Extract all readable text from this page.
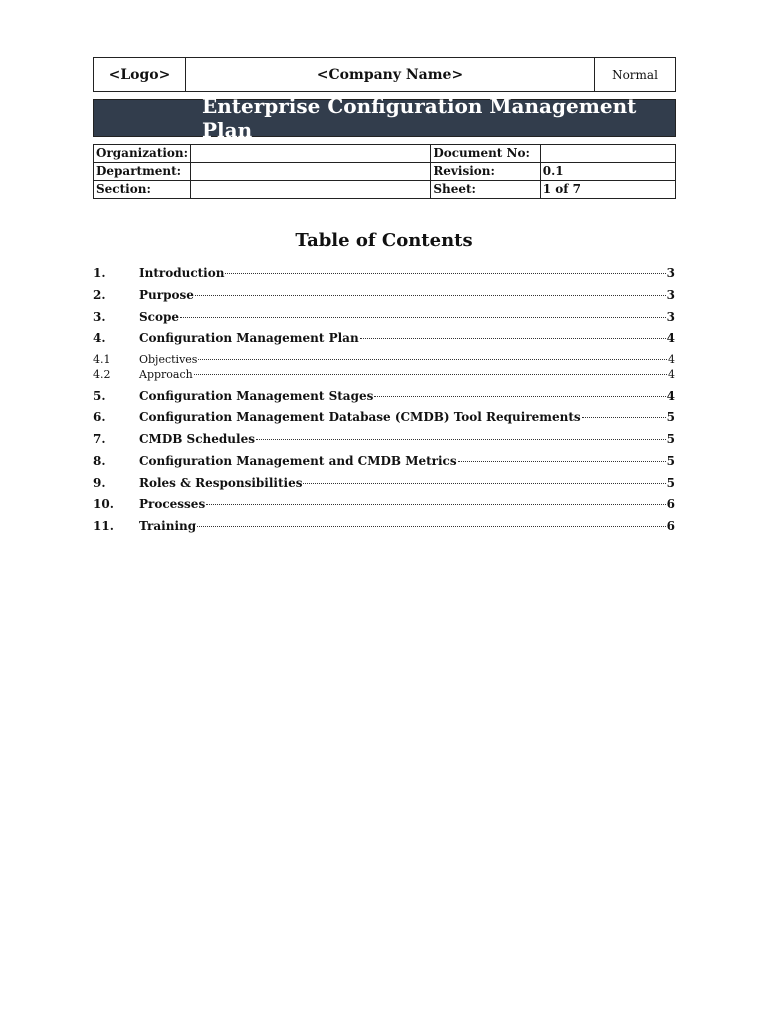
<Logo>	<Company Name>	Normal
Enterprise Configuration Management Plan
Organization:		Document No:	
Department:		Revision:	0.1
Section:		Sheet:	1 of 7
Table of Contents
1.	Introduction	3
2.	Purpose	3
3.	Scope	3
4.	Configuration Management Plan	4
4.1	Objectives	4
4.2	Approach	4
5.	Configuration Management Stages	4
6.	Configuration Management Database (CMDB) Tool Requirements	5
7.	CMDB Schedules	5
8.	Configuration Management and CMDB Metrics	5
9.	Roles & Responsibilities	5
10.	Processes	6
11.	Training	6
